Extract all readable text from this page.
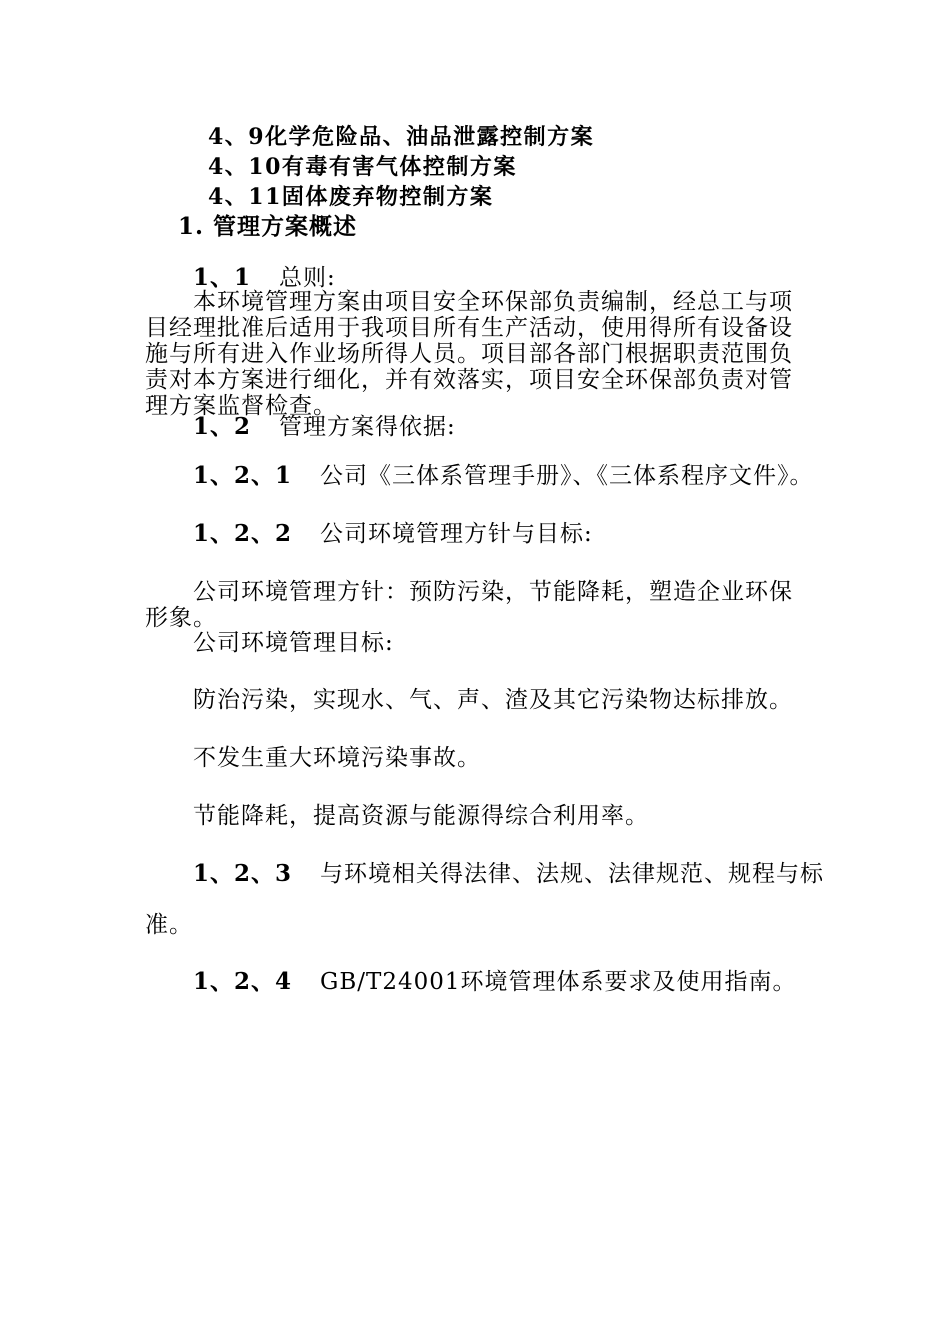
4、9化学危险品、油品泄露控制方案
4、10有毒有害气体控制方案
4、11固体废弃物控制方案
1. 管理方案概述
1、1 总则:
本环境管理方案由项目安全环保部负责编制，经总工与项
目经理批准后适用于我项目所有生产活动，使用得所有设备设
施与所有进入作业场所得人员。项目部各部门根据职责范围负
责对本方案进行细化，并有效落实，项目安全环保部负责对管
理方案监督检查。
1、2 管理方案得依据:
1、2、1 公司《三体系管理手册》、《三体系程序文件》。
1、2、2 公司环境管理方针与目标:
公司环境管理方针：预防污染，节能降耗，塑造企业环保
形象。
公司环境管理目标:
防治污染，实现水、气、声、渣及其它污染物达标排放。
不发生重大环境污染事故。
节能降耗，提高资源与能源得综合利用率。
1、2、3 与环境相关得法律、法规、法律规范、规程与标
准。
1、2、4 GB/T24001环境管理体系要求及使用指南。
